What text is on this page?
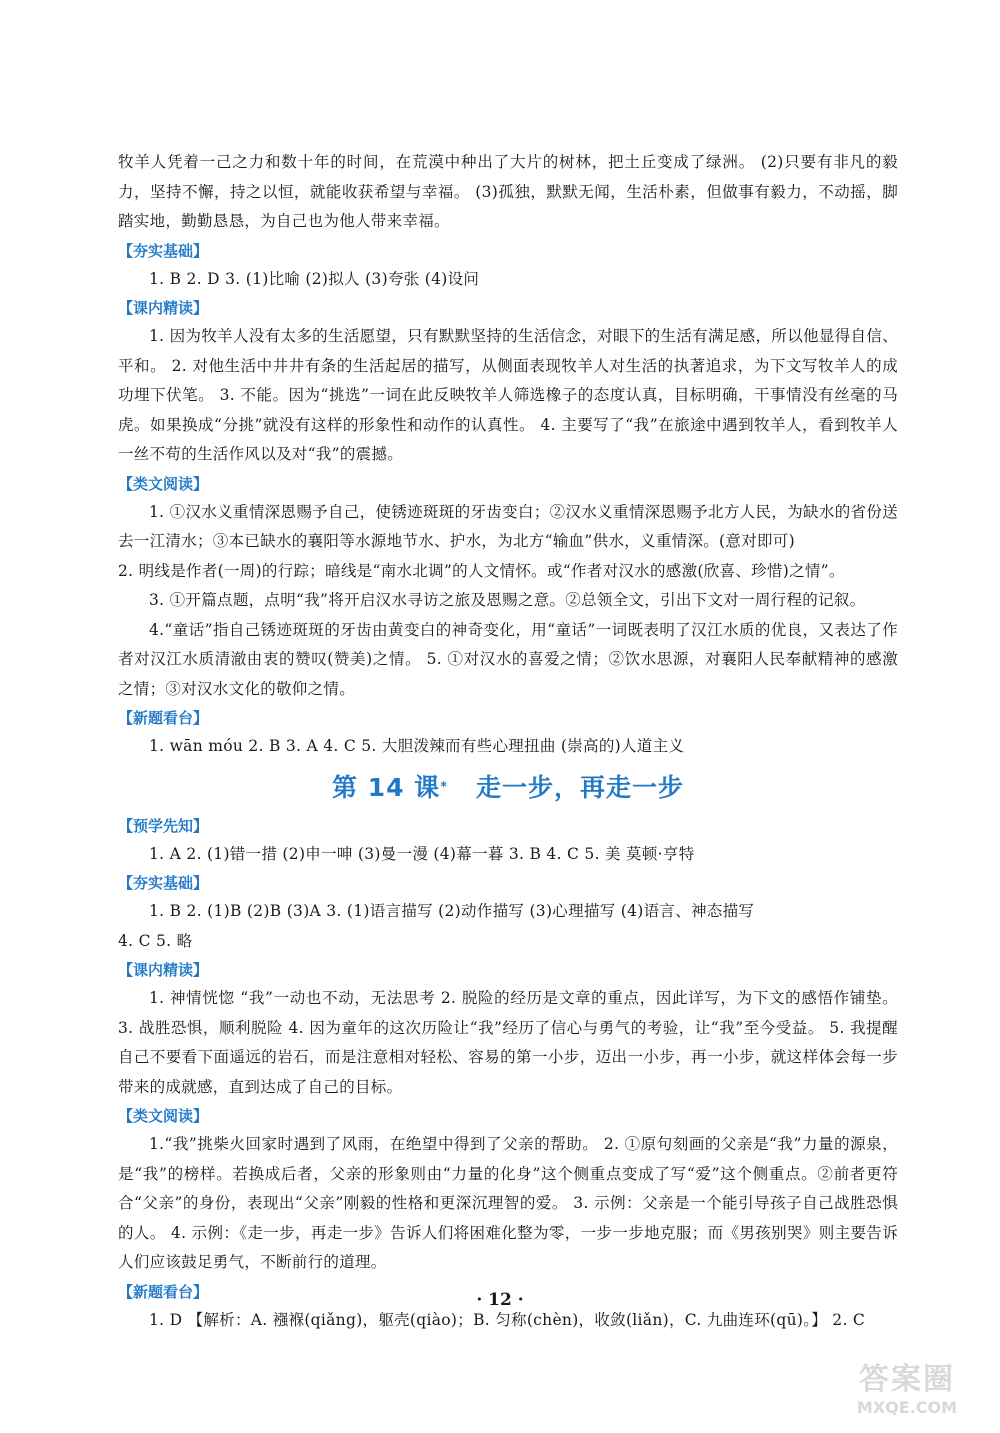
牧羊人凭着一己之力和数十年的时间，在荒漠中种出了大片的树林，把土丘变成了绿洲。 (2)只要有非凡的毅力，坚持不懈，持之以恒，就能收获希望与幸福。 (3)孤独，默默无闻，生活朴素，但做事有毅力，不动摇，脚踏实地，勤勤恳恳，为自己也为他人带来幸福。

【夯实基础】

1. B 2. D 3. (1)比喻 (2)拟人 (3)夸张 (4)设问

【课内精读】

1. 因为牧羊人没有太多的生活愿望，只有默默坚持的生活信念，对眼下的生活有满足感，所以他显得自信、平和。 2. 对他生活中井井有条的生活起居的描写，从侧面表现牧羊人对生活的执著追求，为下文写牧羊人的成功埋下伏笔。 3. 不能。因为“挑选”一词在此反映牧羊人筛选橡子的态度认真，目标明确，干事情没有丝毫的马虎。如果换成“分挑”就没有这样的形象性和动作的认真性。 4. 主要写了“我”在旅途中遇到牧羊人，看到牧羊人一丝不苟的生活作风以及对“我”的震撼。

【类文阅读】

1. ①汉水义重情深恩赐予自己，使锈迹斑斑的牙齿变白；②汉水义重情深恩赐予北方人民，为缺水的省份送去一江清水；③本已缺水的襄阳等水源地节水、护水，为北方“输血”供水，义重情深。(意对即可)

2. 明线是作者(一周)的行踪；暗线是“南水北调”的人文情怀。或“作者对汉水的感激(欣喜、珍惜)之情”。

3. ①开篇点题，点明“我”将开启汉水寻访之旅及恩赐之意。②总领全文，引出下文对一周行程的记叙。

4.“童话”指自己锈迹斑斑的牙齿由黄变白的神奇变化，用“童话”一词既表明了汉江水质的优良，又表达了作者对汉江水质清澈由衷的赞叹(赞美)之情。 5. ①对汉水的喜爱之情；②饮水思源，对襄阳人民奉献精神的感激之情；③对汉水文化的敬仰之情。

【新题看台】

1. wān móu 2. B 3. A 4. C 5. 大胆泼辣而有些心理扭曲 (崇高的)人道主义

第 14 课* 走一步，再走一步

【预学先知】

1. A 2. (1)错一措 (2)申一呻 (3)曼一漫 (4)幕一暮 3. B 4. C 5. 美 莫顿·亨特

【夯实基础】

1. B 2. (1)B (2)B (3)A 3. (1)语言描写 (2)动作描写 (3)心理描写 (4)语言、神态描写

4. C 5. 略

【课内精读】

1. 神情恍惚 “我”一动也不动，无法思考 2. 脱险的经历是文章的重点，因此详写，为下文的感悟作铺垫。 3. 战胜恐惧，顺利脱险 4. 因为童年的这次历险让“我”经历了信心与勇气的考验，让“我”至今受益。 5. 我提醒自己不要看下面遥远的岩石，而是注意相对轻松、容易的第一小步，迈出一小步，再一小步，就这样体会每一步带来的成就感，直到达成了自己的目标。

【类文阅读】

1.“我”挑柴火回家时遇到了风雨，在绝望中得到了父亲的帮助。 2. ①原句刻画的父亲是“我”力量的源泉，是“我”的榜样。若换成后者，父亲的形象则由“力量的化身”这个侧重点变成了写“爱”这个侧重点。②前者更符合“父亲”的身份，表现出“父亲”刚毅的性格和更深沉理智的爱。 3. 示例：父亲是一个能引导孩子自己战胜恐惧的人。 4. 示例：《走一步，再走一步》告诉人们将困难化整为零，一步一步地克服；而《男孩别哭》则主要告诉人们应该鼓足勇气，不断前行的道理。

【新题看台】

1. D 【解析：A. 襁褓(qiǎng)，躯壳(qiào)；B. 匀称(chèn)，收敛(liǎn)，C. 九曲连环(qū)。】 2. C

· 12 ·
答案圈
MXQE.COM
